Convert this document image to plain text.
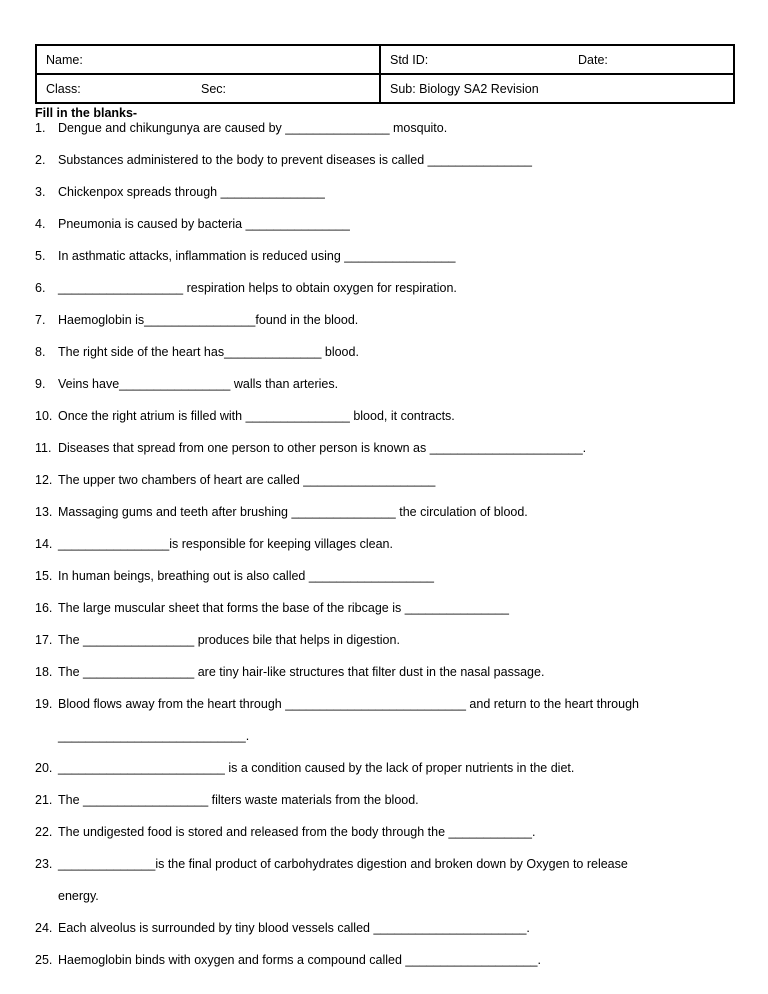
Name:	Std ID: Date:
Class: Sec:	Sub: Biology SA2 Revision
Fill in the blanks-
1.	Dengue and chikungunya are caused by _______________ mosquito.
2.	Substances administered to the body to prevent diseases is called _______________
3.	Chickenpox spreads through _______________
4.	Pneumonia is caused by bacteria _______________
5.	In asthmatic attacks, inflammation is reduced using ________________
6.	__________________ respiration helps to obtain oxygen for respiration.
7.	Haemoglobin is________________found in the blood.
8.	The right side of the heart has______________ blood.
9.	Veins have________________ walls than arteries.
10. Once the right atrium is filled with _______________ blood, it contracts.
11. Diseases that spread from one person to other person is known as ______________________.
12. The upper two chambers of heart are called ___________________
13. Massaging gums and teeth after brushing _______________ the circulation of blood.
14. ________________is responsible for keeping villages clean.
15. In human beings, breathing out is also called __________________
16. The large muscular sheet that forms the base of the ribcage is _______________
17. The ________________ produces bile that helps in digestion.
18. The ________________ are tiny hair-like structures that filter dust in the nasal passage.
19. Blood flows away from the heart through __________________________ and return to the heart through
___________________________.
20. ________________________ is a condition caused by the lack of proper nutrients in the diet.
21. The __________________ filters waste materials from the blood.
22. The undigested food is stored and released from the body through the ____________.
23. ______________is the final product of carbohydrates digestion and broken down by Oxygen to release
energy.
24. Each alveolus is surrounded by tiny blood vessels called ______________________.
25. Haemoglobin binds with oxygen and forms a compound called ___________________.
